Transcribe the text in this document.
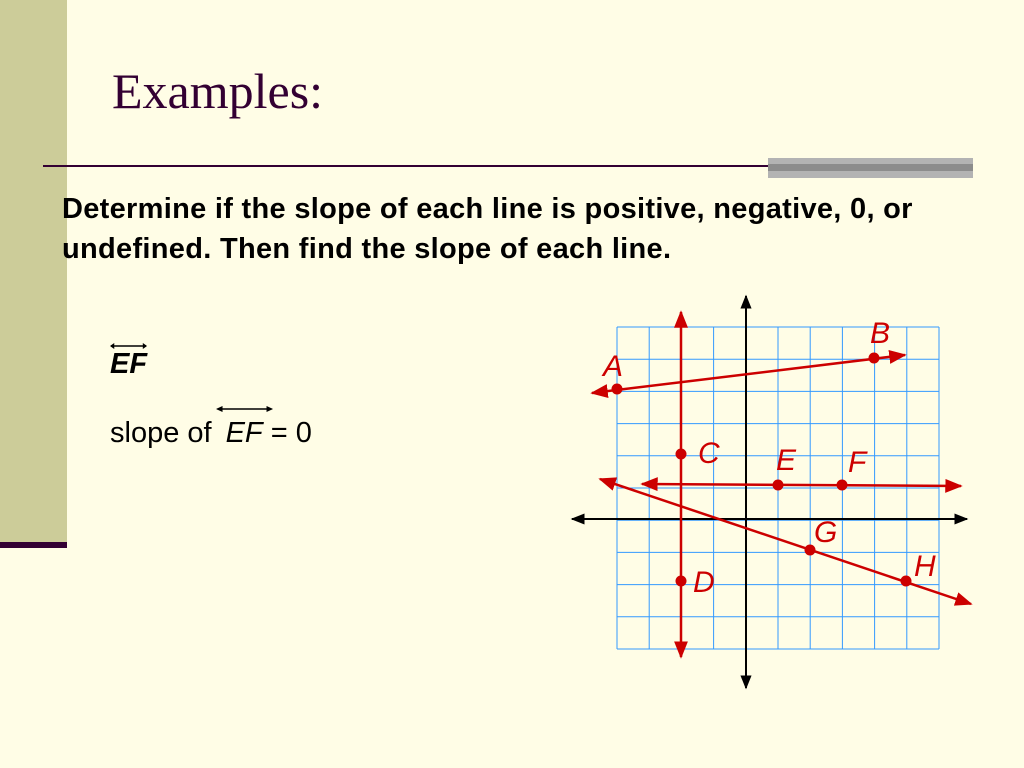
Examples:

Determine if the slope of each line is positive, negative, 0, or undefined. Then find the slope of each line.

EF
slope of EF = 0
A
B
C
D
E F
G
H
